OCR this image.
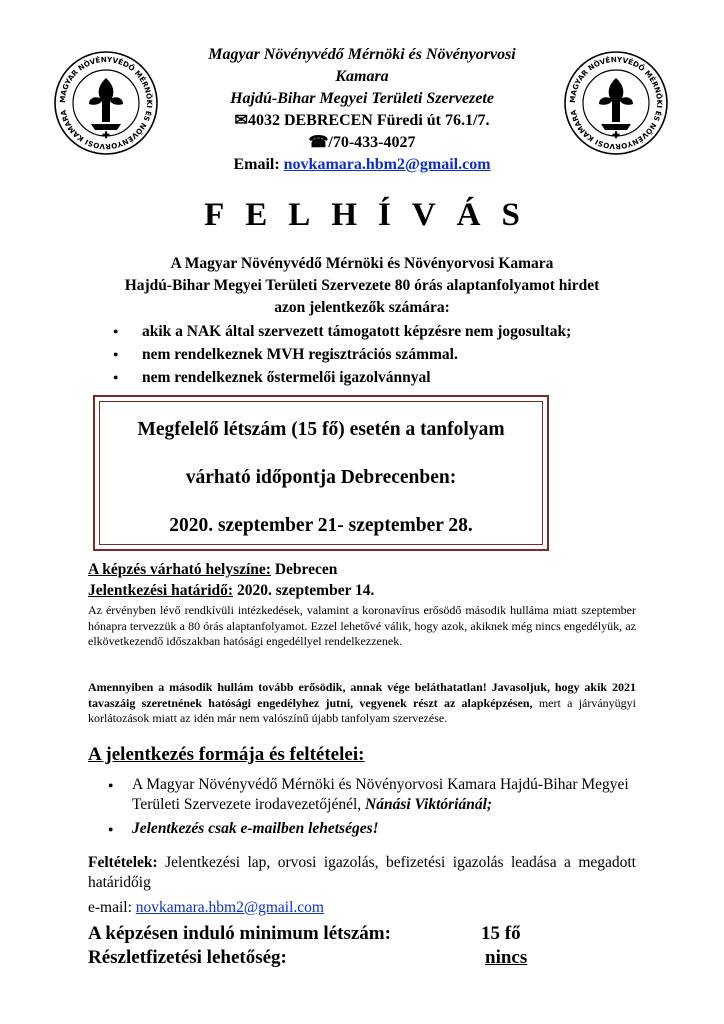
MAGYAR NÖVÉNYVÉDŐ MÉRNÖKI ÉS NÖVÉNYORVOSI KAMARA
✚
MAGYAR NÖVÉNYVÉDŐ MÉRNÖKI ÉS NÖVÉNYORVOSI KAMARA
✚
Magyar Növényvédő Mérnöki és Növényorvosi
Kamara
Hajdú-Bihar Megyei Területi Szervezete
✉4032 DEBRECEN Füredi út 76.1/7.
☎/70-433-4027
Email: novkamara.hbm2@gmail.com
FELHÍVÁS
A Magyar Növényvédő Mérnöki és Növényorvosi Kamara
Hajdú-Bihar Megyei Területi Szervezete 80 órás alaptanfolyamot hirdet
azon jelentkezők számára:
● akik a NAK által szervezett támogatott képzésre nem jogosultak;
● nem rendelkeznek MVH regisztrációs számmal.
● nem rendelkeznek őstermelői igazolvánnyal
Megfelelő létszám (15 fő) esetén a tanfolyam
várható időpontja Debrecenben:
2020. szeptember 21- szeptember 28.
A képzés várható helyszíne: Debrecen
Jelentkezési határidő: 2020. szeptember 14.
Az érvényben lévő rendkívüli intézkedések, valamint a koronavírus erősödő második hulláma miatt szeptember hónapra tervezzük a 80 órás alaptanfolyamot. Ezzel lehetővé válik, hogy azok, akiknek még nincs engedélyük, az elkövetkezendő időszakban hatósági engedéllyel rendelkezzenek.
Amennyiben a második hullám tovább erősödik, annak vége beláthatatlan! Javasoljuk, hogy akik 2021 tavaszáig szeretnének hatósági engedélyhez jutni, vegyenek részt az alapképzésen, mert a járványügyi korlátozások miatt az idén már nem valószínű újabb tanfolyam szervezése.
A jelentkezés formája és feltételei:
● A Magyar Növényvédő Mérnöki és Növényorvosi Kamara Hajdú-Bihar Megyei Területi Szervezete irodavezetőjénél, Nánási Viktóriánál;
● Jelentkezés csak e-mailben lehetséges!
Feltételek: Jelentkezési lap, orvosi igazolás, befizetési igazolás leadása a megadott határidőig
e-mail: novkamara.hbm2@gmail.com
A képzésen induló minimum létszám:	15 fő
Részletfizetési lehetőség:	nincs
